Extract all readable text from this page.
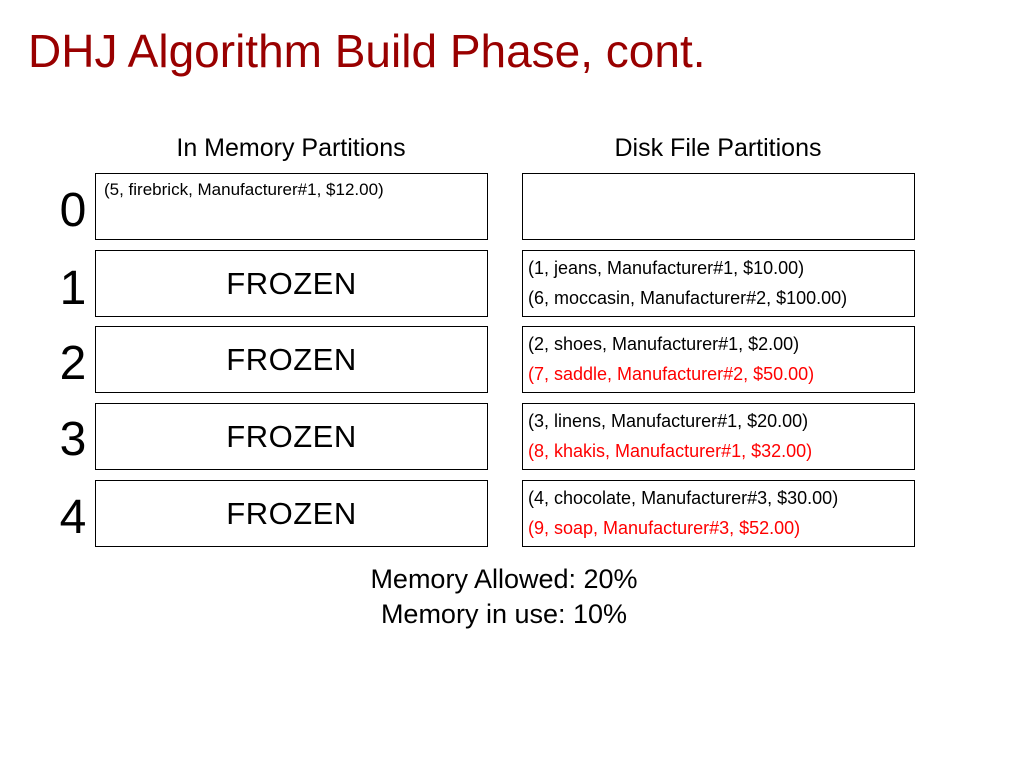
DHJ Algorithm Build Phase, cont.
In Memory Partitions	Disk File Partitions
0	(5, firebrick, Manufacturer#1, $12.00)
1	FROZEN	(1, jeans, Manufacturer#1, $10.00)
(6, moccasin, Manufacturer#2, $100.00)
2	FROZEN	(2, shoes, Manufacturer#1, $2.00)
(7, saddle, Manufacturer#2, $50.00)
3	FROZEN	(3, linens, Manufacturer#1, $20.00)
(8, khakis, Manufacturer#1, $32.00)
4	FROZEN	(4, chocolate, Manufacturer#3, $30.00)
(9, soap, Manufacturer#3, $52.00)
Memory Allowed: 20%
Memory in use: 10%
